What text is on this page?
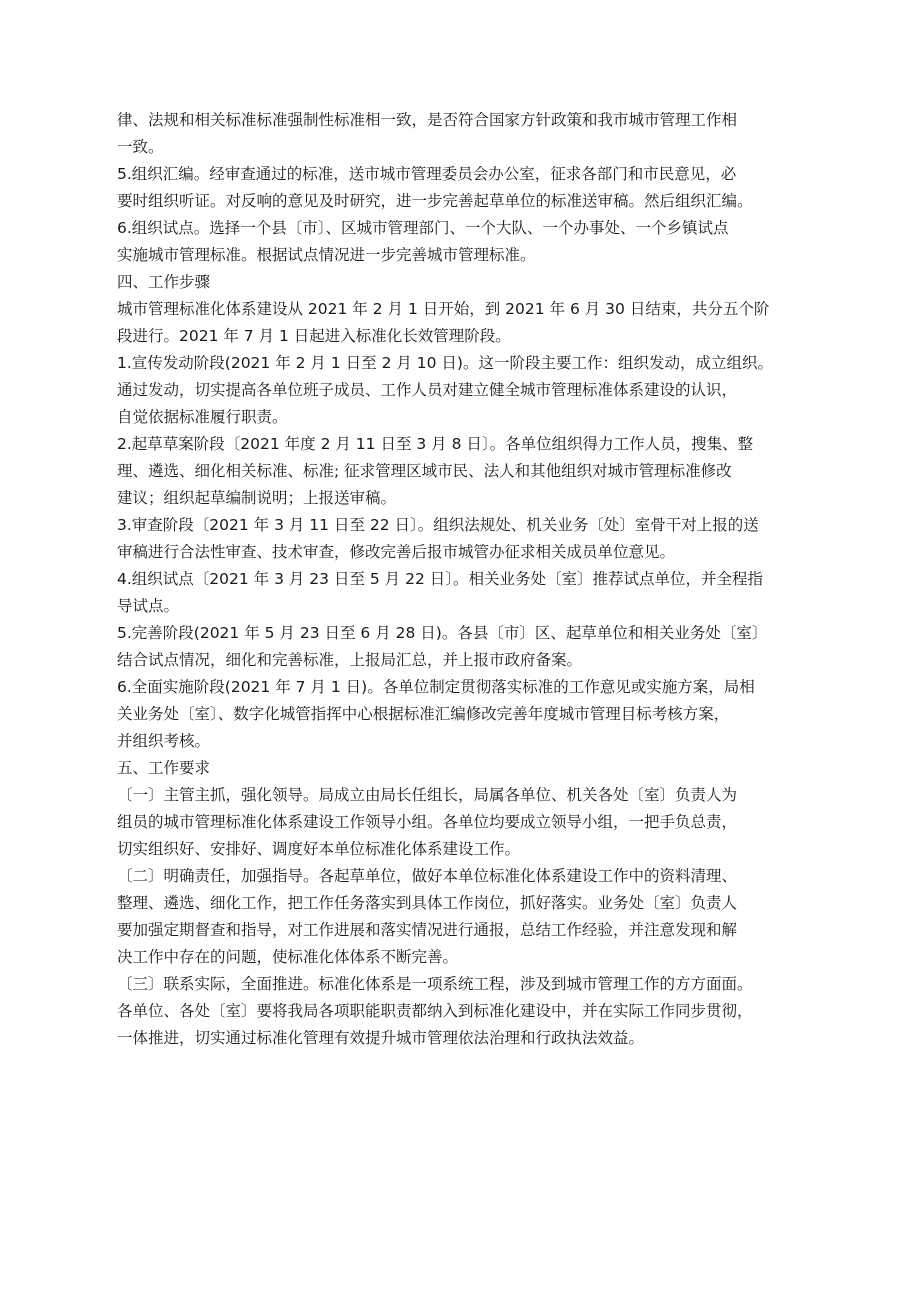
律、法规和相关标准标准强制性标准相一致，是否符合国家方针政策和我市城市管理工作相
一致。
5.组织汇编。经审查通过的标准，送市城市管理委员会办公室，征求各部门和市民意见，必
要时组织听证。对反响的意见及时研究，进一步完善起草单位的标准送审稿。然后组织汇编。
6.组织试点。选择一个县〔市〕、区城市管理部门、一个大队、一个办事处、一个乡镇试点
实施城市管理标准。根据试点情况进一步完善城市管理标准。
四、工作步骤
城市管理标准化体系建设从 2021 年 2 月 1 日开始，到 2021 年 6 月 30 日结束，共分五个阶
段进行。2021 年 7 月 1 日起进入标准化长效管理阶段。
1.宣传发动阶段(2021 年 2 月 1 日至 2 月 10 日)。这一阶段主要工作：组织发动，成立组织。
通过发动，切实提高各单位班子成员、工作人员对建立健全城市管理标准体系建设的认识，
自觉依据标准履行职责。
2.起草草案阶段〔2021 年度 2 月 11 日至 3 月 8 日〕。各单位组织得力工作人员，搜集、整
理、遴选、细化相关标准、标准; 征求管理区域市民、法人和其他组织对城市管理标准修改
建议；组织起草编制说明；上报送审稿。
3.审查阶段〔2021 年 3 月 11 日至 22 日〕。组织法规处、机关业务〔处〕室骨干对上报的送
审稿进行合法性审查、技术审查，修改完善后报市城管办征求相关成员单位意见。
4.组织试点〔2021 年 3 月 23 日至 5 月 22 日〕。相关业务处〔室〕推荐试点单位，并全程指
导试点。
5.完善阶段(2021 年 5 月 23 日至 6 月 28 日)。各县〔市〕区、起草单位和相关业务处〔室〕
结合试点情况，细化和完善标准，上报局汇总，并上报市政府备案。
6.全面实施阶段(2021 年 7 月 1 日)。各单位制定贯彻落实标准的工作意见或实施方案，局相
关业务处〔室〕、数字化城管指挥中心根据标准汇编修改完善年度城市管理目标考核方案，
并组织考核。
五、工作要求
〔一〕主管主抓，强化领导。局成立由局长任组长，局属各单位、机关各处〔室〕负责人为
组员的城市管理标准化体系建设工作领导小组。各单位均要成立领导小组，一把手负总责，
切实组织好、安排好、调度好本单位标准化体系建设工作。
〔二〕明确责任，加强指导。各起草单位，做好本单位标准化体系建设工作中的资料清理、
整理、遴选、细化工作，把工作任务落实到具体工作岗位，抓好落实。业务处〔室〕负责人
要加强定期督查和指导，对工作进展和落实情况进行通报，总结工作经验，并注意发现和解
决工作中存在的问题，使标准化体体系不断完善。
〔三〕联系实际，全面推进。标准化体系是一项系统工程，涉及到城市管理工作的方方面面。
各单位、各处〔室〕要将我局各项职能职责都纳入到标准化建设中，并在实际工作同步贯彻，
一体推进，切实通过标准化管理有效提升城市管理依法治理和行政执法效益。
